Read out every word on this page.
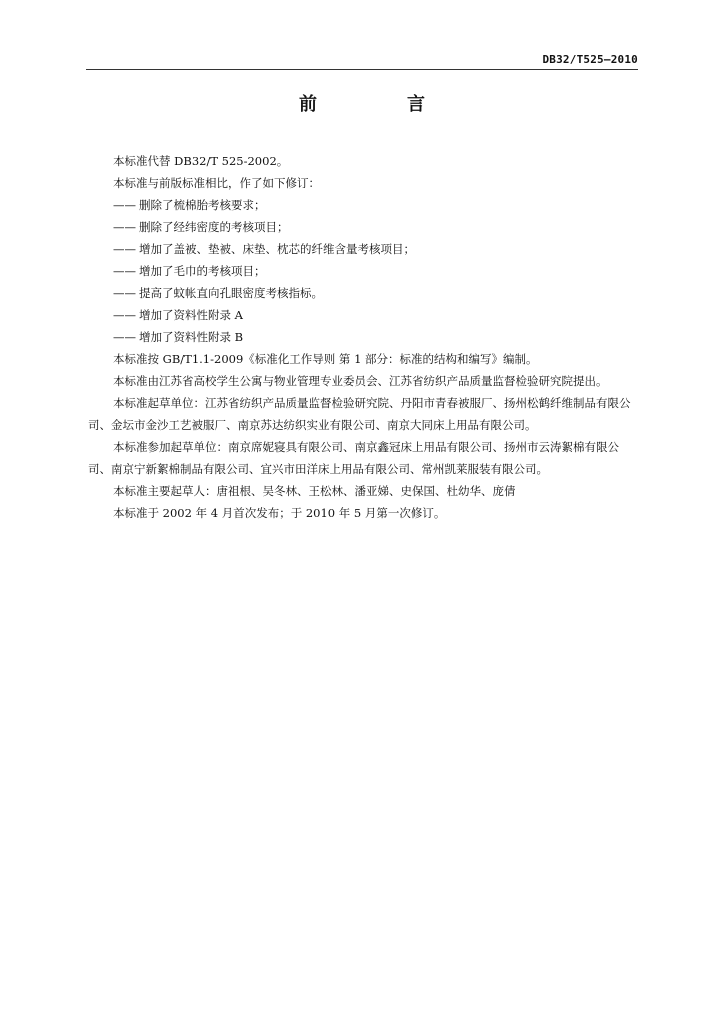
DB32/T525—2010
前　言

本标准代替 DB32/T 525-2002。

本标准与前版标准相比，作了如下修订：

—— 删除了梳棉胎考核要求；

—— 删除了经纬密度的考核项目；

—— 增加了盖被、垫被、床垫、枕芯的纤维含量考核项目；

—— 增加了毛巾的考核项目；

—— 提高了蚊帐直向孔眼密度考核指标。

—— 增加了资料性附录 A

—— 增加了资料性附录 B

本标准按 GB/T1.1-2009《标准化工作导则 第 1 部分：标准的结构和编写》编制。

本标准由江苏省高校学生公寓与物业管理专业委员会、江苏省纺织产品质量监督检验研究院提出。

本标准起草单位：江苏省纺织产品质量监督检验研究院、丹阳市青春被服厂、扬州松鹤纤维制品有限公司、金坛市金沙工艺被服厂、南京苏达纺织实业有限公司、南京大同床上用品有限公司。

本标准参加起草单位：南京席妮寝具有限公司、南京鑫冠床上用品有限公司、扬州市云涛絮棉有限公司、南京宁新絮棉制品有限公司、宜兴市田洋床上用品有限公司、常州凯莱服装有限公司。

本标准主要起草人：唐祖根、吴冬林、王松林、潘亚娣、史保国、杜幼华、庞倩

本标准于 2002 年 4 月首次发布；于 2010 年 5 月第一次修订。
